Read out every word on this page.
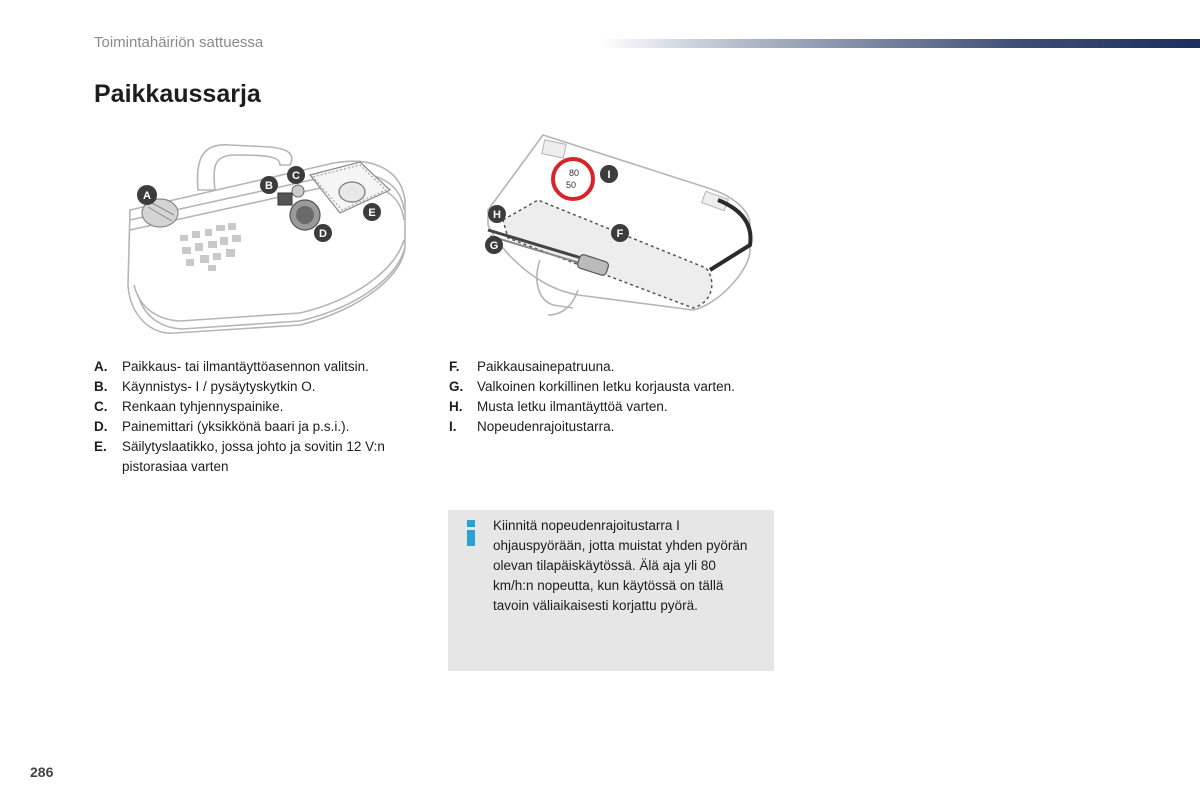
Toimintahäiriön sattuessa
Paikkaussarja
A
B
C
D
E
80
50
I
H
G
F
A.	Paikkaus- tai ilmantäyttöasennon valitsin.
B.	Käynnistys- I / pysäytyskytkin O.
C.	Renkaan tyhjennyspainike.
D.	Painemittari (yksikkönä baari ja p.s.i.).
E.	Säilytyslaatikko, jossa johto ja sovitin 12 V:n pistorasiaa varten
F.	Paikkausainepatruuna.
G.	Valkoinen korkillinen letku korjausta varten.
H.	Musta letku ilmantäyttöä varten.
I.	Nopeudenrajoitustarra.
Kiinnitä nopeudenrajoitustarra I ohjauspyörään, jotta muistat yhden pyörän olevan tilapäiskäytössä. Älä aja yli 80 km/h:n nopeutta, kun käytössä on tällä tavoin väliaikaisesti korjattu pyörä.
286
